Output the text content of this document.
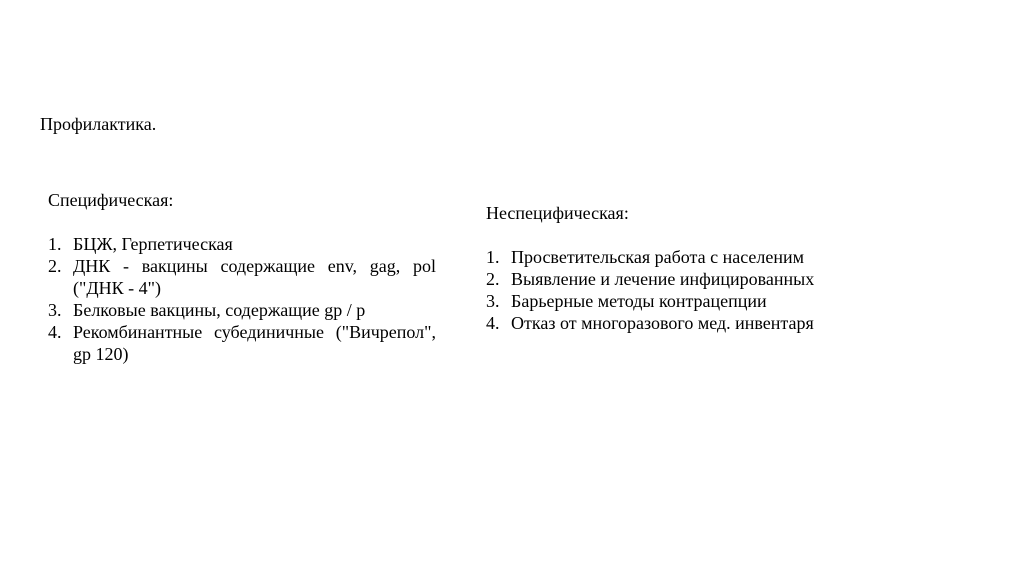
Профилактика.
Специфическая:
1. БЦЖ, Герпетическая
2. ДНК - вакцины содержащие env, gag, pol ("ДНК - 4")
3. Белковые вакцины, содержащие gp / p
4. Рекомбинантные субединичные ("Вичрепол", gp 120)
Неспецифическая:
1. Просветительская работа с населеним
2. Выявление и лечение инфицированных
3. Барьерные методы контрацепции
4. Отказ от многоразового мед. инвентаря
